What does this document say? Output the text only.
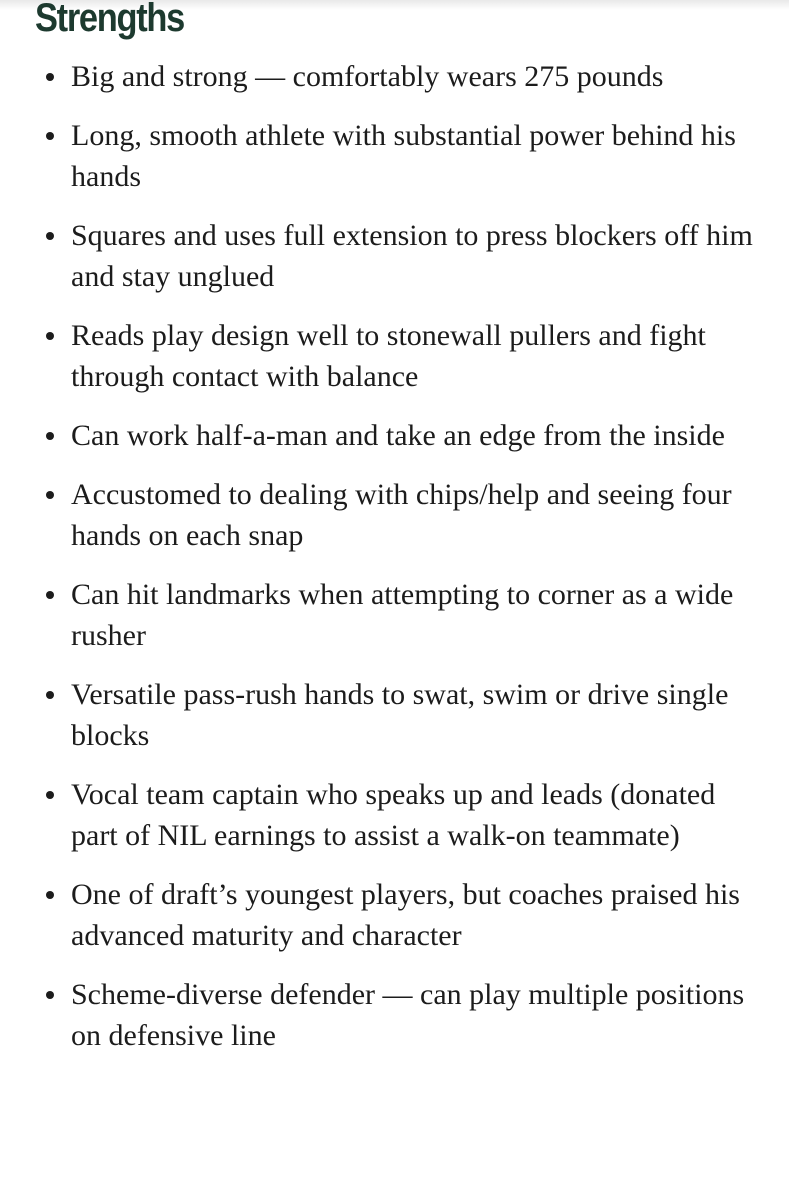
Strengths
Big and strong — comfortably wears 275 pounds
Long, smooth athlete with substantial power behind his hands
Squares and uses full extension to press blockers off him and stay unglued
Reads play design well to stonewall pullers and fight through contact with balance
Can work half-a-man and take an edge from the inside
Accustomed to dealing with chips/help and seeing four hands on each snap
Can hit landmarks when attempting to corner as a wide rusher
Versatile pass-rush hands to swat, swim or drive single blocks
Vocal team captain who speaks up and leads (donated part of NIL earnings to assist a walk-on teammate)
One of draft’s youngest players, but coaches praised his advanced maturity and character
Scheme-diverse defender — can play multiple positions on defensive line
